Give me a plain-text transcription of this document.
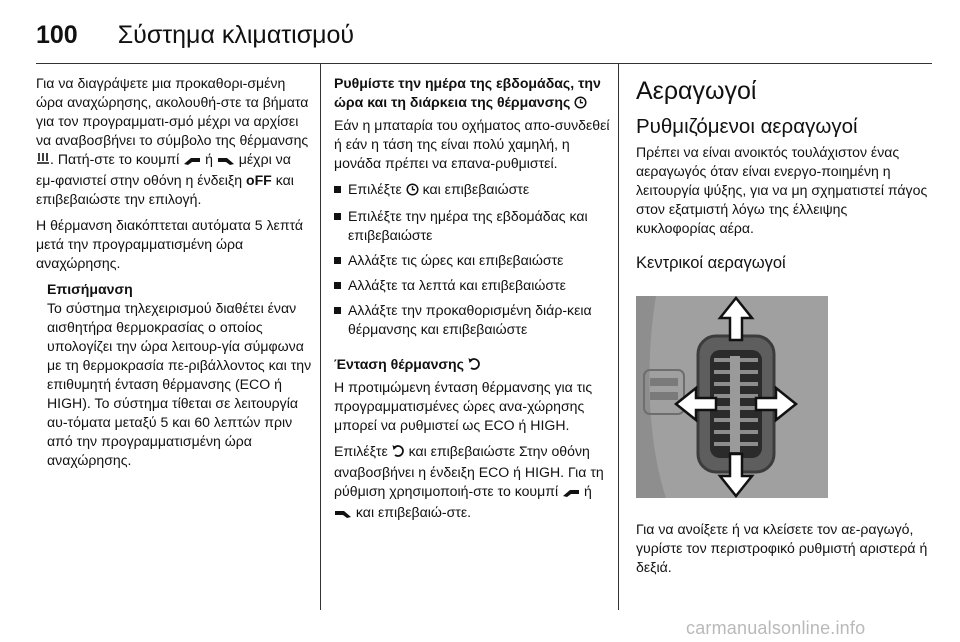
100 Σύστημα κλιματισμού

Για να διαγράψετε μια προκαθορι-σμένη ώρα αναχώρησης, ακολουθή-στε τα βήματα για τον προγραμματι-σμό μέχρι να αρχίσει να αναβοσβήνει το σύμβολο της θέρμανσης . Πατή-στε το κουμπί ή μέχρι να εμ-φανιστεί στην οθόνη η ένδειξη oFF και επιβεβαιώστε την επιλογή.

Η θέρμανση διακόπτεται αυτόματα 5 λεπτά μετά την προγραμματισμένη ώρα αναχώρησης.

Επισήμανση
Το σύστημα τηλεχειρισμού διαθέτει έναν αισθητήρα θερμοκρασίας ο οποίος υπολογίζει την ώρα λειτουρ-γία σύμφωνα με τη θερμοκρασία πε-ριβάλλοντος και την επιθυμητή ένταση θέρμανσης (ECO ή HIGH). Το σύστημα τίθεται σε λειτουργία αυ-τόματα μεταξύ 5 και 60 λεπτών πριν από την προγραμματισμένη ώρα αναχώρησης.
Ρυθμίστε την ημέρα της εβδομάδας, την ώρα και τη διάρκεια της θέρμανσης

Εάν η μπαταρία του οχήματος απο-συνδεθεί ή εάν η τάση της είναι πολύ χαμηλή, η μονάδα πρέπει να επανα-ρυθμιστεί.

Επιλέξτε και επιβεβαιώστε
Επιλέξτε την ημέρα της εβδομάδας και επιβεβαιώστε
Αλλάξτε τις ώρες και επιβεβαιώστε
Αλλάξτε τα λεπτά και επιβεβαιώστε
Αλλάξτε την προκαθορισμένη διάρ-κεια θέρμανσης και επιβεβαιώστε
Ένταση θέρμανσης

Η προτιμώμενη ένταση θέρμανσης για τις προγραμματισμένες ώρες ανα-χώρησης μπορεί να ρυθμιστεί ως ECO ή HIGH.

Επιλέξτε και επιβεβαιώστε Στην οθόνη αναβοσβήνει η ένδειξη ECO ή HIGH. Για τη ρύθμιση χρησιμοποιή-στε το κουμπί ή  και επιβεβαιώ-στε.

Αεραγωγοί
Ρυθμιζόμενοι αεραγωγοί

Πρέπει να είναι ανοικτός τουλάχιστον ένας αεραγωγός όταν είναι ενεργο-ποιημένη η λειτουργία ψύξης, για να μη σχηματιστεί πάγος στον εξατμιστή λόγω της έλλειψης κυκλοφορίας αέρα.

Κεντρικοί αεραγωγοί

Για να ανοίξετε ή να κλείσετε τον αε-ραγωγό, γυρίστε τον περιστροφικό ρυθμιστή αριστερά ή δεξιά.

carmanualsonline.info
